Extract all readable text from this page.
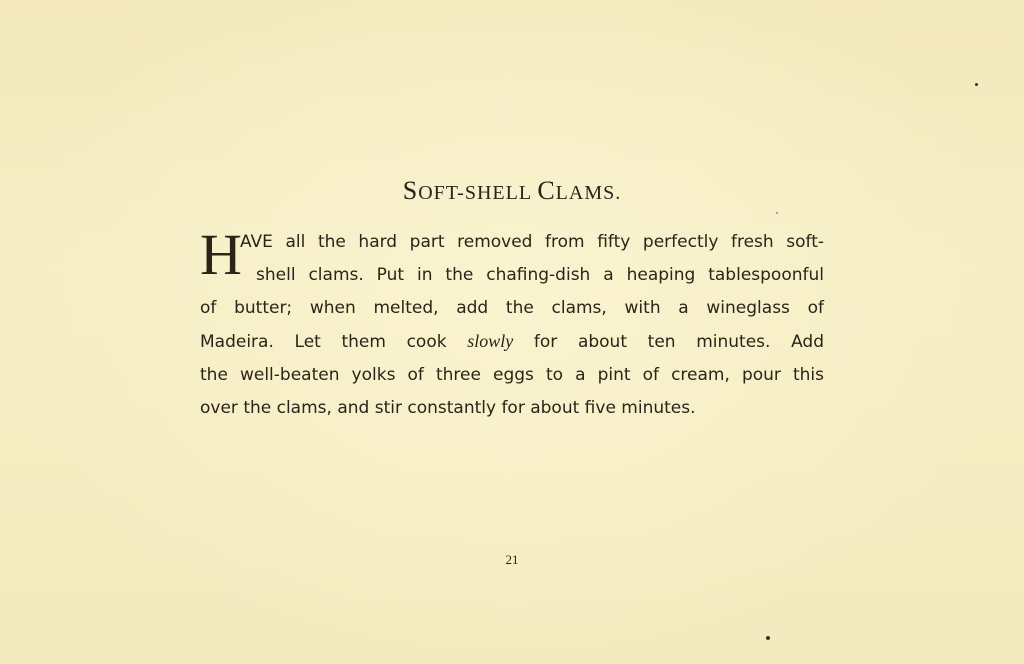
SOFT-SHELL CLAMS.
H
AVE all the hard part removed from fifty perfectly fresh soft-
shell clams. Put in the chafing-dish a heaping tablespoonful
of butter; when melted, add the clams, with a wineglass of
Madeira. Let them cook slowly for about ten minutes. Add
the well-beaten yolks of three eggs to a pint of cream, pour this
over the clams, and stir constantly for about five minutes.
21
